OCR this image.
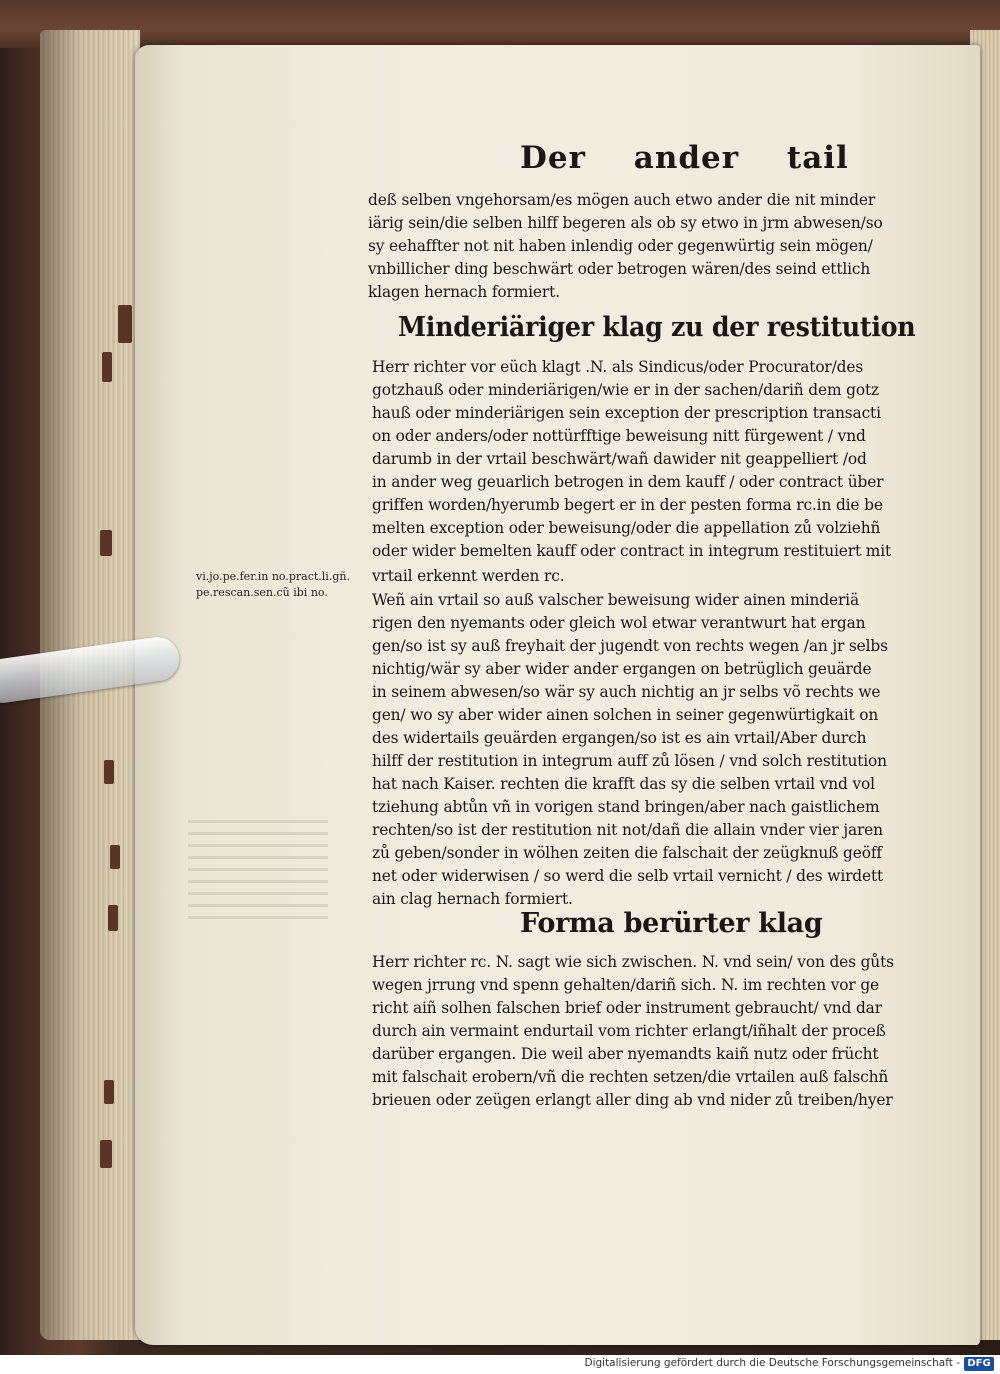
Der ander tail
deß selben vngehorsam/es mögen auch etwo ander die nit minder
iärig sein/die selben hilff begeren als ob sy etwo in jrm abwesen/so
sy eehaffter not nit haben inlendig oder gegenwürtig sein mögen/
vnbillicher ding beschwärt oder betrogen wären/des seind ettlich
klagen hernach formiert.
Minderiäriger klag zu der restitution
Herr richter vor eüch klagt .N. als Sindicus/oder Procurator/des
gotzhauß oder minderiärigen/wie er in der sachen/dariñ dem gotz
hauß oder minderiärigen sein exception der prescription transacti
on oder anders/oder nottürfftige beweisung nitt fürgewent / vnd
darumb in der vrtail beschwärt/wañ dawider nit geappelliert /od
in ander weg geuarlich betrogen in dem kauff / oder contract über
griffen worden/hyerumb begert er in der pesten forma rc.in die be
melten exception oder beweisung/oder die appellation zů volziehñ
oder wider bemelten kauff oder contract in integrum restituiert mit
vrtail erkennt werden rc.
vi.jo.pe.fer.in no.pract.li.gñ.
pe.rescan.sen.cũ ibi no.	Weñ ain vrtail so auß valscher beweisung wider ainen minderiä
rigen den nyemants oder gleich wol etwar verantwurt hat ergan
gen/so ist sy auß freyhait der jugendt von rechts wegen /an jr selbs
nichtig/wär sy aber wider ander ergangen on betrüglich geuärde
in seinem abwesen/so wär sy auch nichtig an jr selbs võ rechts we
gen/ wo sy aber wider ainen solchen in seiner gegenwürtigkait on
des widertails geuärden ergangen/so ist es ain vrtail/Aber durch
hilff der restitution in integrum auff zů lösen / vnd solch restitution
hat nach Kaiser. rechten die krafft das sy die selben vrtail vnd vol
tziehung abtůn vñ in vorigen stand bringen/aber nach gaistlichem
rechten/so ist der restitution nit not/dañ die allain vnder vier jaren
zů geben/sonder in wölhen zeiten die falschait der zeügknuß geöff
net oder widerwisen / so werd die selb vrtail vernicht / des wirdett
ain clag hernach formiert.
Forma berürter klag
Herr richter rc. N. sagt wie sich zwischen. N. vnd sein/ von des gůts
wegen jrrung vnd spenn gehalten/dariñ sich. N. im rechten vor ge
richt aiñ solhen falschen brief oder instrument gebraucht/ vnd dar
durch ain vermaint endurtail vom richter erlangt/iñhalt der proceß
darüber ergangen. Die weil aber nyemandts kaiñ nutz oder frücht
mit falschait erobern/vñ die rechten setzen/die vrtailen auß falschñ
brieuen oder zeügen erlangt aller ding ab vnd nider zů treiben/hyer
Digitalisierung gefördert durch die Deutsche Forschungsgemeinschaft - DFG
